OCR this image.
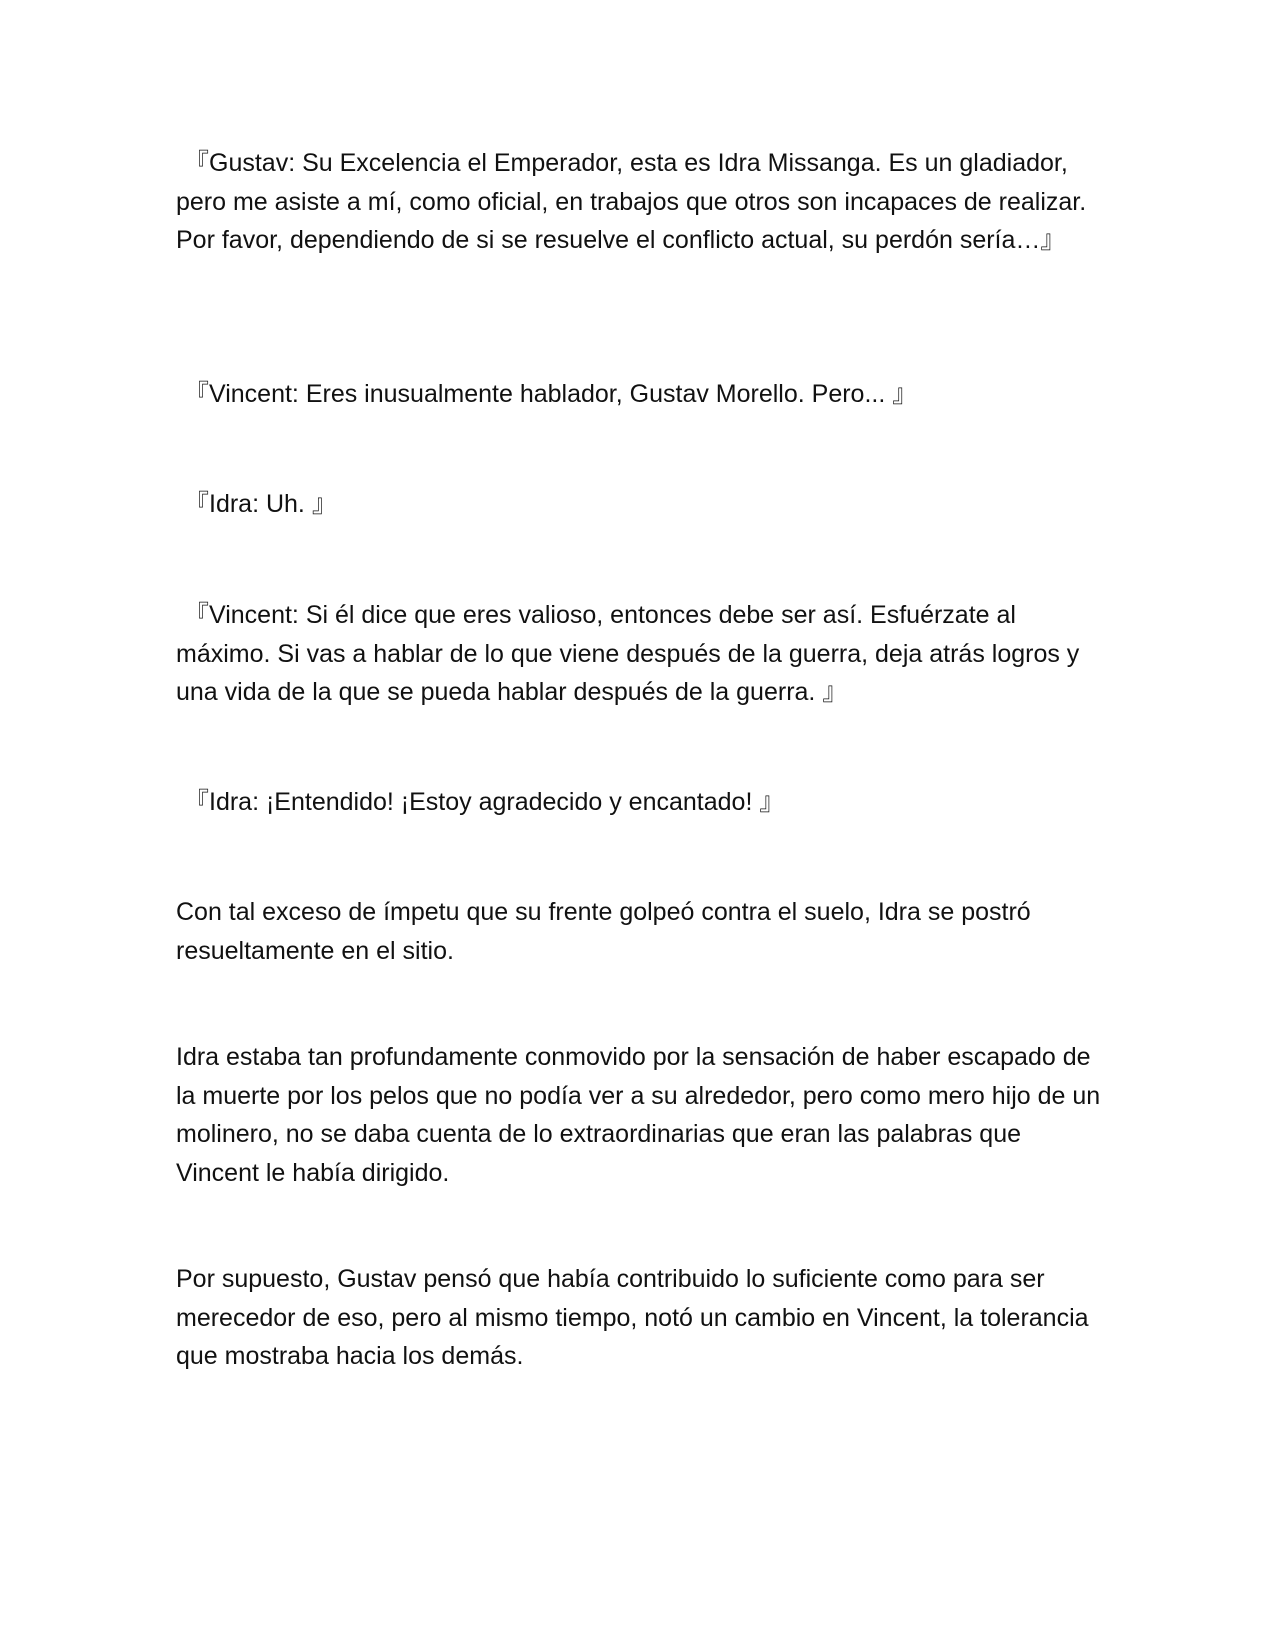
『Gustav: Su Excelencia el Emperador, esta es Idra Missanga. Es un gladiador, pero me asiste a mí, como oficial, en trabajos que otros son incapaces de realizar. Por favor, dependiendo de si se resuelve el conflicto actual, su perdón sería…』

『Vincent: Eres inusualmente hablador, Gustav Morello. Pero... 』

『Idra: Uh. 』

『Vincent: Si él dice que eres valioso, entonces debe ser así. Esfuérzate al máximo. Si vas a hablar de lo que viene después de la guerra, deja atrás logros y una vida de la que se pueda hablar después de la guerra. 』

『Idra: ¡Entendido! ¡Estoy agradecido y encantado! 』

Con tal exceso de ímpetu que su frente golpeó contra el suelo, Idra se postró resueltamente en el sitio.

Idra estaba tan profundamente conmovido por la sensación de haber escapado de la muerte por los pelos que no podía ver a su alrededor, pero como mero hijo de un molinero, no se daba cuenta de lo extraordinarias que eran las palabras que Vincent le había dirigido.

Por supuesto, Gustav pensó que había contribuido lo suficiente como para ser merecedor de eso, pero al mismo tiempo, notó un cambio en Vincent, la tolerancia que mostraba hacia los demás.
